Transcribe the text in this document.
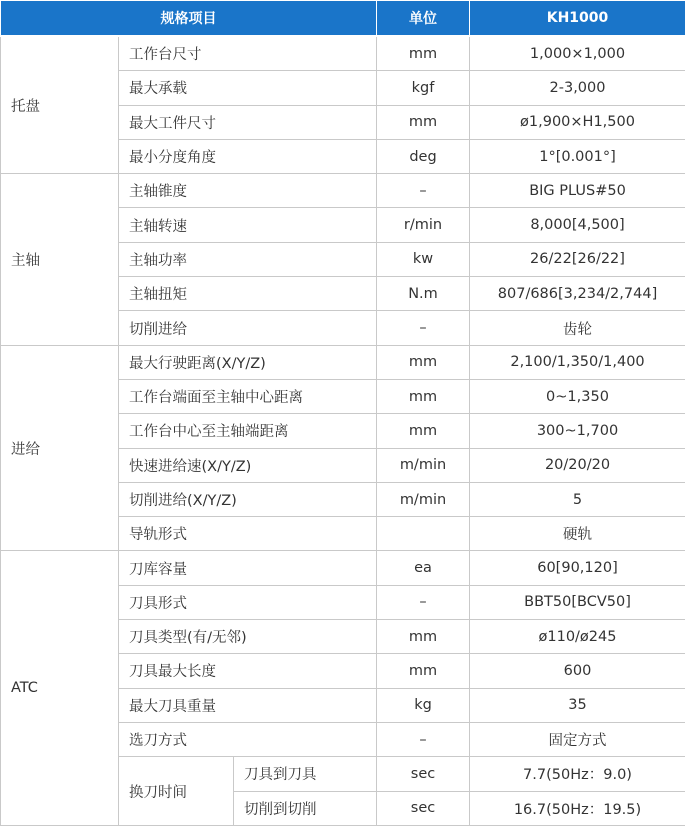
规格项目			单位	KH1000
托盘	工作台尺寸		mm	1,000×1,000
	最大承载		kgf	2-3,000
	最大工件尺寸		mm	ø1,900×H1,500
	最小分度角度		deg	1°[0.001°]
主轴	主轴锥度		–	BIG PLUS#50
	主轴转速		r/min	8,000[4,500]
	主轴功率		kw	26/22[26/22]
	主轴扭矩		N.m	807/686[3,234/2,744]
	切削进给		–	齿轮
进给	最大行驶距离(X/Y/Z)		mm	2,100/1,350/1,400
	工作台端面至主轴中心距离		mm	0~1,350
	工作台中心至主轴端距离		mm	300~1,700
	快速进给速(X/Y/Z)		m/min	20/20/20
	切削进给(X/Y/Z)		m/min	5
	导轨形式			硬轨
ATC	刀库容量		ea	60[90,120]
	刀具形式		–	BBT50[BCV50]
	刀具类型(有/无邻)		mm	ø110/ø245
	刀具最大长度		mm	600
	最大刀具重量		kg	35
	选刀方式		–	固定方式
	换刀时间	刀具到刀具	sec	7.7(50Hz：9.0)
		切削到切削	sec	16.7(50Hz：19.5)
